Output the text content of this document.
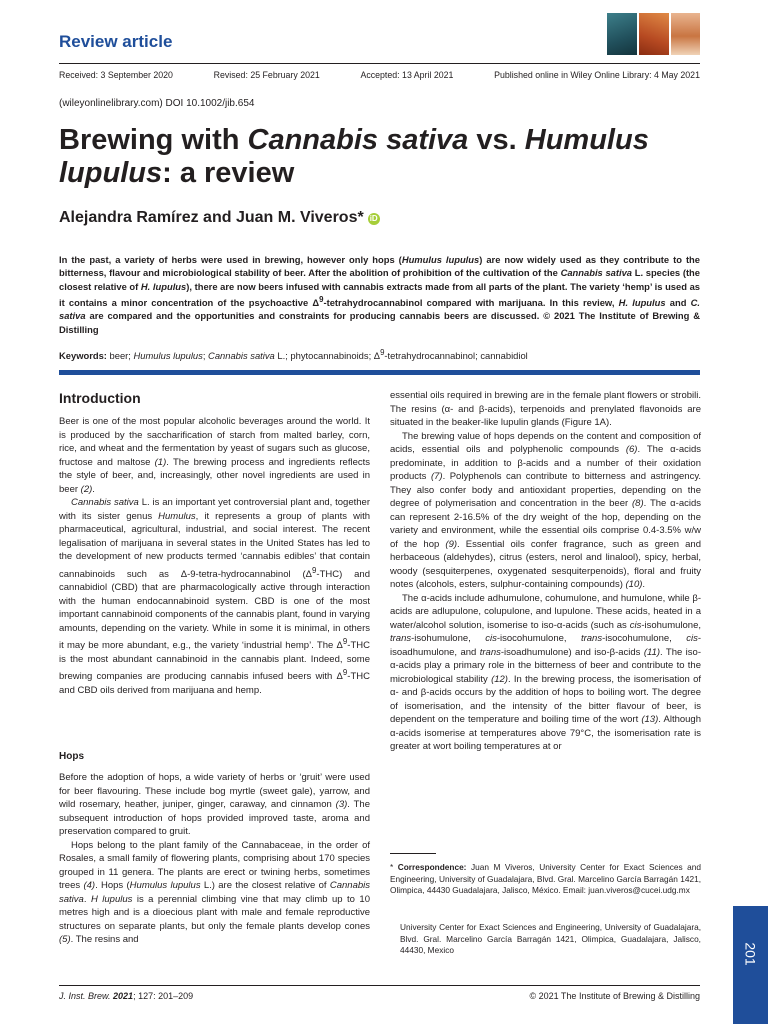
Review article
Received: 3 September 2020	Revised: 25 February 2021	Accepted: 13 April 2021	Published online in Wiley Online Library: 4 May 2021
(wileyonlinelibrary.com) DOI 10.1002/jib.654
Brewing with Cannabis sativa vs. Humulus lupulus: a review
Alejandra Ramírez and Juan M. Viveros* iD
In the past, a variety of herbs were used in brewing, however only hops (Humulus lupulus) are now widely used as they contribute to the bitterness, flavour and microbiological stability of beer. After the abolition of prohibition of the cultivation of the Cannabis sativa L. species (the closest relative of H. lupulus), there are now beers infused with cannabis extracts made from all parts of the plant. The variety ‘hemp’ is used as it contains a minor concentration of the psychoactive $\Delta^9$-tetrahydrocannabinol compared with marijuana. In this review, H. lupulus and C. sativa are compared and the opportunities and constraints for producing cannabis beers are discussed. © 2021 The Institute of Brewing & Distilling
Keywords: beer; Humulus lupulus; Cannabis sativa L.; phytocannabinoids; $\Delta^9$-tetrahydrocannabinol; cannabidiol
Introduction

Beer is one of the most popular alcoholic beverages around the world. It is produced by the saccharification of starch from malted barley, corn, rice, and wheat and the fermentation by yeast of sugars such as glucose, fructose and maltose (1). The brewing process and ingredients reflects the style of beer, and, increasingly, other novel ingredients are used in beer (2).

Cannabis sativa L. is an important yet controversial plant and, together with its sister genus Humulus, it represents a group of plants with pharmaceutical, agricultural, industrial, and social interest. The recent legalisation of marijuana in several states in the United States has led to the development of new products termed ‘cannabis edibles’ that contain cannabinoids such as Δ-9-tetra-hydrocannabinol $(\Delta^9-THC)$ and cannabidiol (CBD) that are pharmacologically active through interaction with the human endocannabinoid system. CBD is one of the most important cannabinoid components of the cannabis plant, found in varying amounts, depending on the variety. While in some it is minimal, in others it may be more abundant, e.g., the variety ‘industrial hemp’. The $\Delta^9$-THC is the most abundant cannabinoid in the cannabis plant. Indeed, some brewing companies are producing cannabis infused beers with $\Delta^9$-THC and CBD oils derived from marijuana and hemp.

Hops

Before the adoption of hops, a wide variety of herbs or ‘gruit’ were used for beer flavouring. These include bog myrtle (sweet gale), yarrow, and wild rosemary, heather, juniper, ginger, caraway, and cinnamon (3). The subsequent introduction of hops provided improved taste, aroma and preservation compared to gruit.

Hops belong to the plant family of the Cannabaceae, in the order of Rosales, a small family of flowering plants, comprising about 170 species grouped in 11 genera. The plants are erect or twining herbs, sometimes trees (4). Hops (Humulus lupulus L.) are the closest relative of Cannabis sativa. H lupulus is a perennial climbing vine that may climb up to 10 metres high and is a dioecious plant with male and female reproductive structures on separate plants, but only the female plants develop cones (5). The resins and

essential oils required in brewing are in the female plant flowers or strobili. The resins (α- and β-acids), terpenoids and prenylated flavonoids are situated in the beaker-like lupulin glands (Figure 1A).

The brewing value of hops depends on the content and composition of acids, essential oils and polyphenolic compounds (6). The α-acids predominate, in addition to β-acids and a number of their oxidation products (7). Polyphenols can contribute to bitterness and astringency. They also confer body and antioxidant properties, depending on the degree of polymerisation and concentration in the beer (8). The α-acids can represent 2-16.5% of the dry weight of the hop, depending on the variety and environment, while the essential oils comprise 0.4-3.5% w/w of the hop (9). Essential oils confer fragrance, such as green and herbaceous (aldehydes), citrus (esters, nerol and linalool), spicy, herbal, woody (sesquiterpenes, oxygenated sesquiterpenoids), floral and fruity notes (alcohols, esters, sulphur-containing compounds) (10).

The α-acids include adhumulone, cohumulone, and humulone, while β-acids are adlupulone, colupulone, and lupulone. These acids, heated in a water/alcohol solution, isomerise to iso-α-acids (such as cis-isohumulone, trans-isohumulone, cis-isocohumulone, trans-isocohumulone, cis-isoadhumulone, and trans-isoadhumulone) and iso-β-acids (11). The iso-α-acids play a primary role in the bitterness of beer and contribute to the microbiological stability (12). In the brewing process, the isomerisation of α- and β-acids occurs by the addition of hops to boiling wort. The degree of isomerisation, and the intensity of the bitter flavour of beer, is dependent on the temperature and boiling time of the wort (13). Although α-acids isomerise at temperatures above 79°C, the isomerisation rate is greater at wort boiling temperatures at or

* Correspondence: Juan M Viveros, University Center for Exact Sciences and Engineering, University of Guadalajara, Blvd. Gral. Marcelino García Barragán 1421, Olimpica, 44430 Guadalajara, Jalisco, México. Email: juan.viveros@cucei.udg.mx
University Center for Exact Sciences and Engineering, University of Guadalajara, Blvd. Gral. Marcelino García Barragán 1421, Olimpica, Guadalajara, Jalisco, 44430, Mexico
J. Inst. Brew. 2021; 127: 201–209	© 2021 The Institute of Brewing & Distilling
201
